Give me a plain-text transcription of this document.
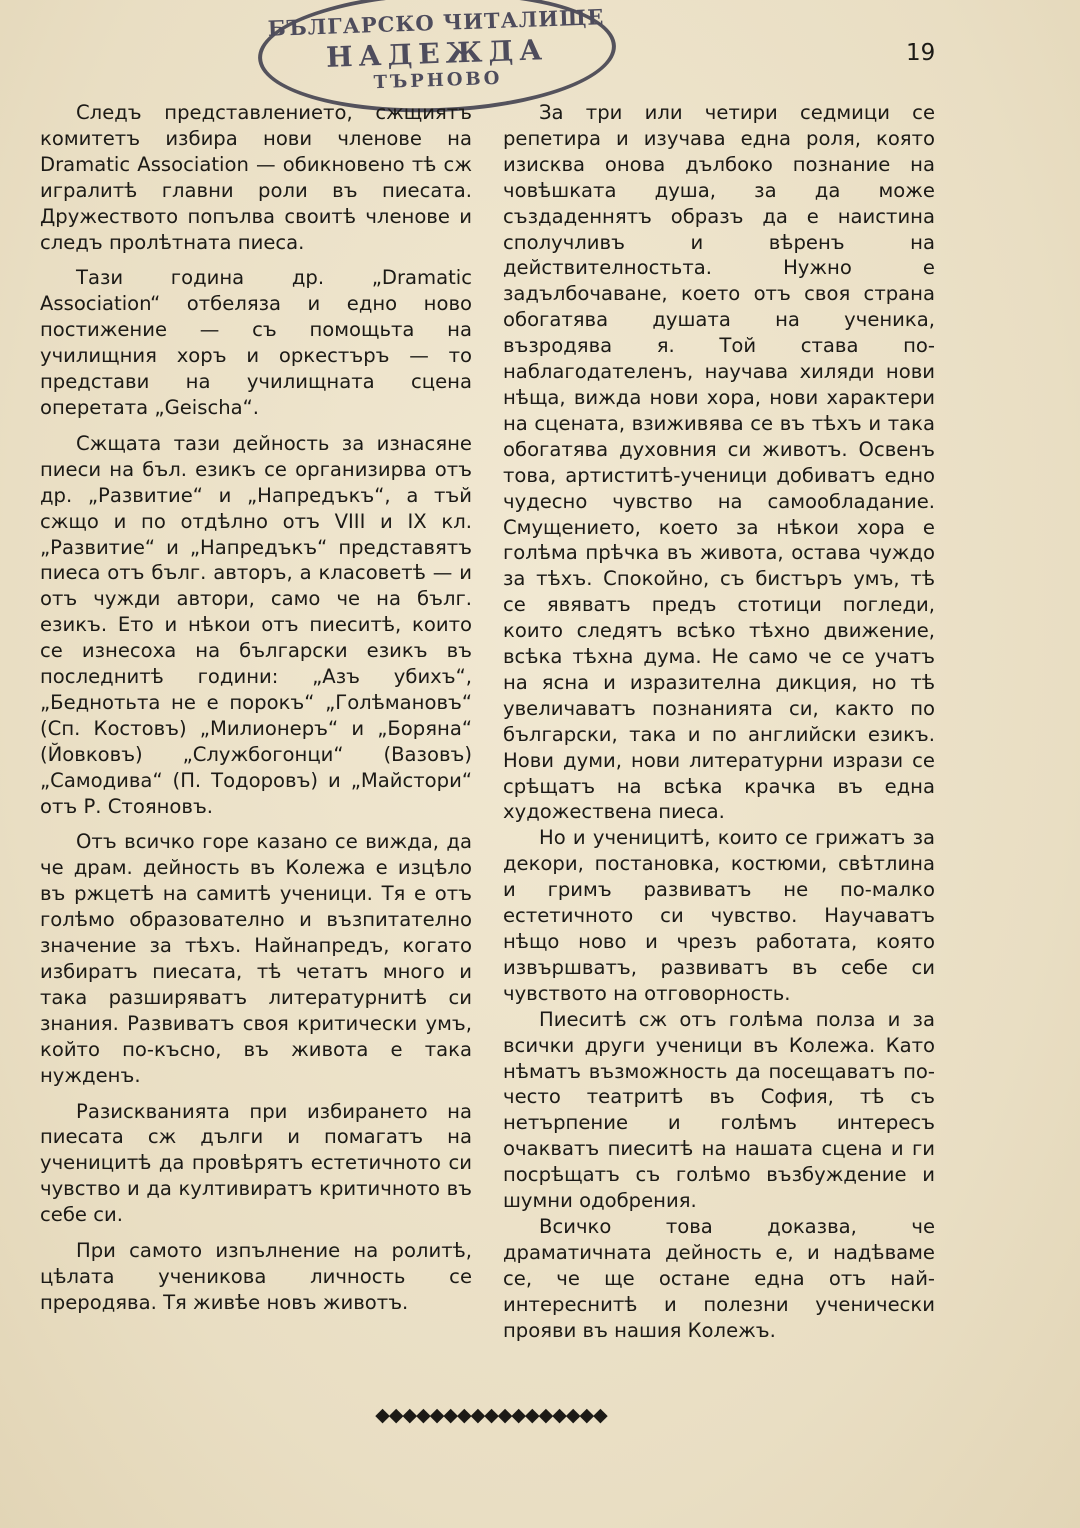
БЪЛГАРСКО ЧИТАЛИЩЕ
НАДЕЖДА
ТЪРНОВО
19

Следъ представлението, сжщиятъ комитетъ избира нови членове на Dramatic Association — обикновено тѣ сж игралитѣ главни роли въ пиесата. Дружеството попълва своитѣ членове и следъ пролѣтната пиеса.

Тази година др. „Dramatic Association“ отбеляза и едно ново постижение — съ помощьта на училищния хоръ и оркестъръ — то представи на училищната сцена оперетата „Geischa“.

Сжщата тази дейность за изнасяне пиеси на бъл. езикъ се организирва отъ др. „Развитие“ и „Напредъкъ“, а тъй сжщо и по отдѣлно отъ VIII и IX кл. „Развитие“ и „Напредъкъ“ представятъ пиеса отъ бълг. авторъ, а класоветѣ — и отъ чужди автори, само че на бълг. езикъ. Ето и нѣкои отъ пиеситѣ, които се изнесоха на български езикъ въ последнитѣ години: „Азъ убихъ“, „Беднотьта не е порокъ“ „Голѣмановъ“ (Сп. Костовъ) „Милионеръ“ и „Боряна“ (Йовковъ) „Службогонци“ (Вазовъ) „Самодива“ (П. Тодоровъ) и „Майстори“ отъ Р. Стояновъ.

Отъ всичко горе казано се вижда, да че драм. дейность въ Колежа е изцѣло въ ржцетѣ на самитѣ ученици. Тя е отъ голѣмо образователно и възпитателно значение за тѣхъ. Найнапредъ, когато избиратъ пиесата, тѣ четатъ много и така разширяватъ литературнитѣ си знания. Развиватъ своя критически умъ, който по-късно, въ живота е така нужденъ.

Разискванията при избирането на пиесата сж дълги и помагатъ на ученицитѣ да провѣрятъ естетичното си чувство и да култивиратъ критичното въ себе си.

При самото изпълнение на ролитѣ, цѣлата ученикова личность се преродява. Тя живѣе новъ животъ.

За три или четири седмици се репетира и изучава една роля, която изисква онова дълбоко познание на човѣшката душа, за да може създаденнятъ образъ да е наистина сполучливъ и вѣренъ на действителностьта. Нужно е задълбочаване, което отъ своя страна обогатява душата на ученика, възродява я. Той става по-наблагодателенъ, научава хиляди нови нѣща, вижда нови хора, нови характери на сцената, взиживява се въ тѣхъ и така обогатява духовния си животъ. Освенъ това, артиститѣ-ученици добиватъ едно чудесно чувство на самообладание. Смущението, което за нѣкои хора е голѣма прѣчка въ живота, остава чуждо за тѣхъ. Спокойно, съ бистъръ умъ, тѣ се явяватъ предъ стотици погледи, които следятъ всѣко тѣхно движение, всѣка тѣхна дума. Не само че се учатъ на ясна и изразителна дикция, но тѣ увеличаватъ познанията си, както по български, така и по английски езикъ. Нови думи, нови литературни изрази се срѣщатъ на всѣка крачка въ една художествена пиеса.

Но и ученицитѣ, които се грижатъ за декори, постановка, костюми, свѣтлина и гримъ развиватъ не по-малко естетичното си чувство. Научаватъ нѣщо ново и чрезъ работата, която извършватъ, развиватъ въ себе си чувството на отговорность.

Пиеситѣ сж отъ голѣма полза и за всички други ученици въ Колежа. Като нѣматъ възможность да посещаватъ по-често театритѣ въ София, тѣ съ нетърпение и голѣмъ интересъ очакватъ пиеситѣ на нашата сцена и ги посрѣщатъ съ голѣмо възбуждение и шумни одобрения.

Всичко това доказва, че драматичната дейность е, и надѣваме се, че ще остане една отъ най-интереснитѣ и полезни ученически прояви въ нашия Колежъ.

◆◆◆◆◆◆◆◆◆◆◆◆◆◆◆◆◆
